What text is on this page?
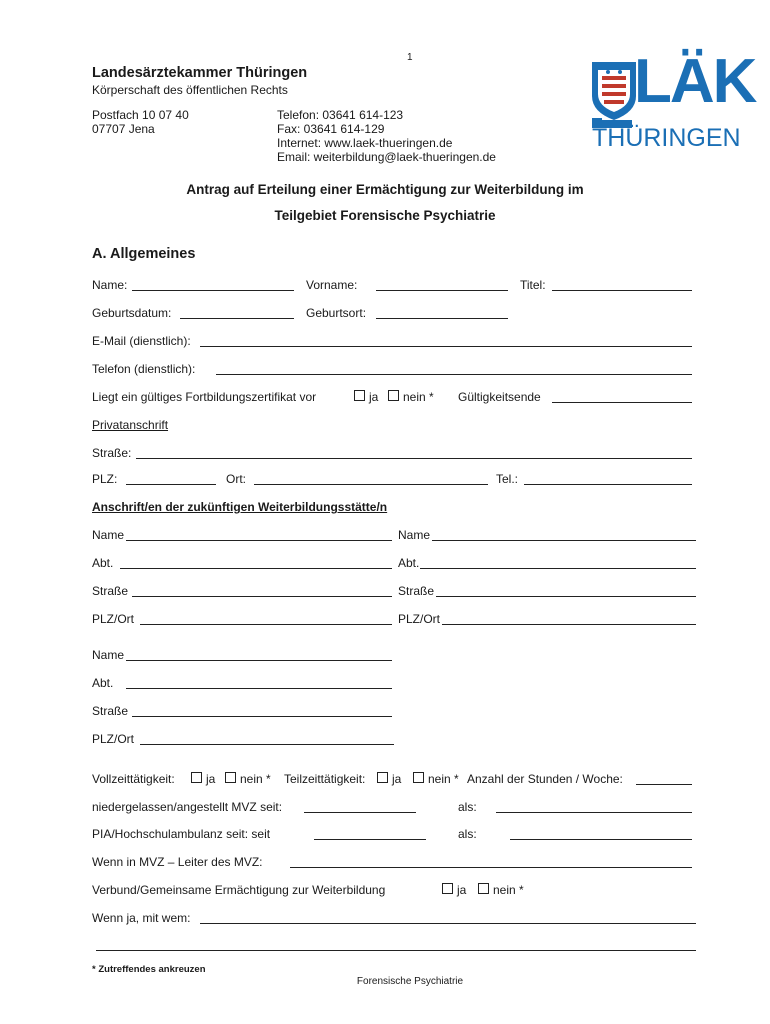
1
Landesärztekammer Thüringen
Körperschaft des öffentlichen Rechts
Postfach 10 07 40
07707 Jena
Telefon: 03641 614-123
Fax: 03641 614-129
Internet: www.laek-thueringen.de
Email: weiterbildung@laek-thueringen.de
LÄK
THÜRINGEN
Antrag auf Erteilung einer Ermächtigung zur Weiterbildung im
Teilgebiet Forensische Psychiatrie
A. Allgemeines
Name:	Vorname:	Titel:
Geburtsdatum:	Geburtsort:
E-Mail (dienstlich):
Telefon (dienstlich):
Liegt ein gültiges Fortbildungszertifikat vor	ja nein * Gültigkeitsende
Privatanschrift
Straße:
PLZ:	Ort:	Tel.:
Anschrift/en der zukünftigen Weiterbildungsstätte/n
Name
Abt.
Straße
PLZ/Ort
Name
Abt.
Straße
PLZ/Ort
Name
Abt.
Straße
PLZ/Ort
Vollzeittätigkeit:	ja nein * Teilzeittätigkeit: ja nein * Anzahl der Stunden / Woche:
niedergelassen/angestellt MVZ seit:	als:
PIA/Hochschulambulanz seit: seit	als:
Wenn in MVZ – Leiter des MVZ:
Verbund/Gemeinsame Ermächtigung zur Weiterbildung	ja nein *
Wenn ja, mit wem:
* Zutreffendes ankreuzen
Forensische Psychiatrie
